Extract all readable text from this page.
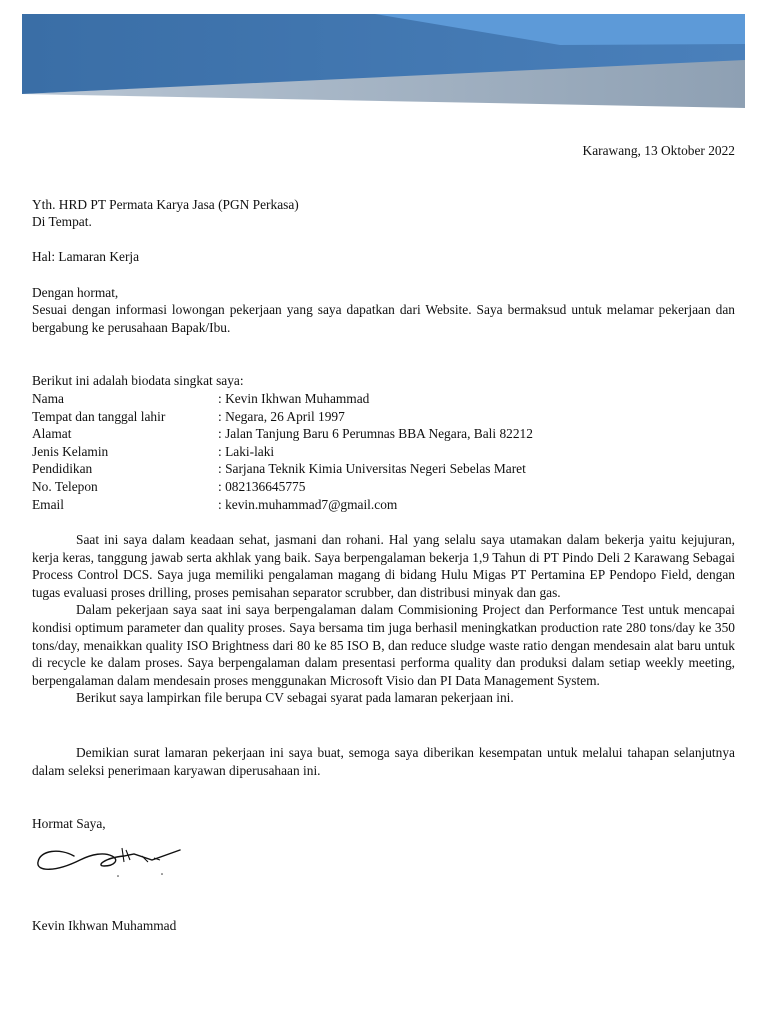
Karawang, 13 Oktober 2022

Yth. HRD PT Permata Karya Jasa (PGN Perkasa)

Di Tempat.

Hal: Lamaran Kerja

Dengan hormat,

Sesuai dengan informasi lowongan pekerjaan yang saya dapatkan dari Website. Saya bermaksud untuk melamar pekerjaan dan bergabung ke perusahaan Bapak/Ibu.

Berikut ini adalah biodata singkat saya:

Nama	: Kevin Ikhwan Muhammad
Tempat dan tanggal lahir	: Negara, 26 April 1997
Alamat	: Jalan Tanjung Baru 6 Perumnas BBA Negara, Bali 82212
Jenis Kelamin	: Laki-laki
Pendidikan	: Sarjana Teknik Kimia Universitas Negeri Sebelas Maret
No. Telepon	: 082136645775
Email	: kevin.muhammad7@gmail.com

Saat ini saya dalam keadaan sehat, jasmani dan rohani. Hal yang selalu saya utamakan dalam bekerja yaitu kejujuran, kerja keras, tanggung jawab serta akhlak yang baik. Saya berpengalaman bekerja 1,9 Tahun di PT Pindo Deli 2 Karawang Sebagai Process Control DCS. Saya juga memiliki pengalaman magang di bidang Hulu Migas PT Pertamina EP Pendopo Field, dengan tugas evaluasi proses drilling, proses pemisahan separator scrubber, dan distribusi minyak dan gas.

Dalam pekerjaan saya saat ini saya berpengalaman dalam Commisioning Project dan Performance Test untuk mencapai kondisi optimum parameter dan quality proses. Saya bersama tim juga berhasil meningkatkan production rate 280 tons/day ke 350 tons/day, menaikkan quality ISO Brightness dari 80 ke 85 ISO B, dan reduce sludge waste ratio dengan mendesain alat baru untuk di recycle ke dalam proses. Saya berpengalaman dalam presentasi performa quality dan produksi dalam setiap weekly meeting, berpengalaman dalam mendesain proses menggunakan Microsoft Visio dan PI Data Management System.

Berikut saya lampirkan file berupa CV sebagai syarat pada lamaran pekerjaan ini.

Demikian surat lamaran pekerjaan ini saya buat, semoga saya diberikan kesempatan untuk melalui tahapan selanjutnya dalam seleksi penerimaan karyawan diperusahaan ini.

Hormat Saya,

Kevin Ikhwan Muhammad
